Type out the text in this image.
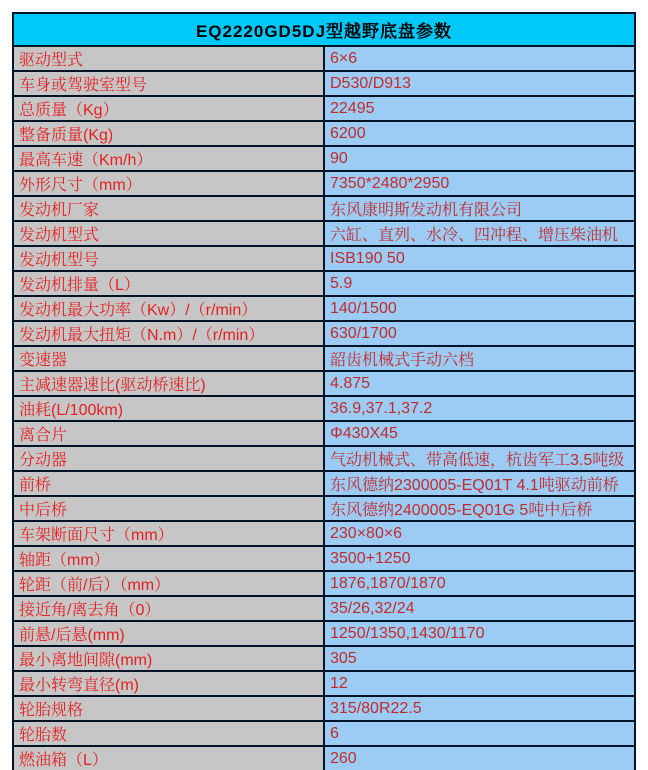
EQ2220GD5DJ型越野底盘参数	
驱动型式	6×6
车身或驾驶室型号	D530/D913
总质量（Kg）	22495
整备质量(Kg)	6200
最高车速（Km/h）	90
外形尺寸（mm）	7350*2480*2950
发动机厂家	东风康明斯发动机有限公司
发动机型式	六缸、直列、水冷、四冲程、增压柴油机
发动机型号	ISB190 50
发动机排量（L）	5.9
发动机最大功率（Kw）/（r/min）	140/1500
发动机最大扭矩（N.m）/（r/min）	630/1700
变速器	韶齿机械式手动六档
主减速器速比(驱动桥速比)	4.875
油耗(L/100km)	36.9,37.1,37.2
离合片	Φ430X45
分动器	气动机械式、带高低速，杭齿军工3.5吨级
前桥	东风德纳2300005-EQ01T 4.1吨驱动前桥
中后桥	东风德纳2400005-EQ01G 5吨中后桥
车架断面尺寸（mm）	230×80×6
轴距（mm）	3500+1250
轮距（前/后）（mm）	1876,1870/1870
接近角/离去角（0）	35/26,32/24
前悬/后悬(mm)	1250/1350,1430/1170
最小离地间隙(mm)	305
最小转弯直径(m)	12
轮胎规格	315/80R22.5
轮胎数	6
燃油箱（L）	260
